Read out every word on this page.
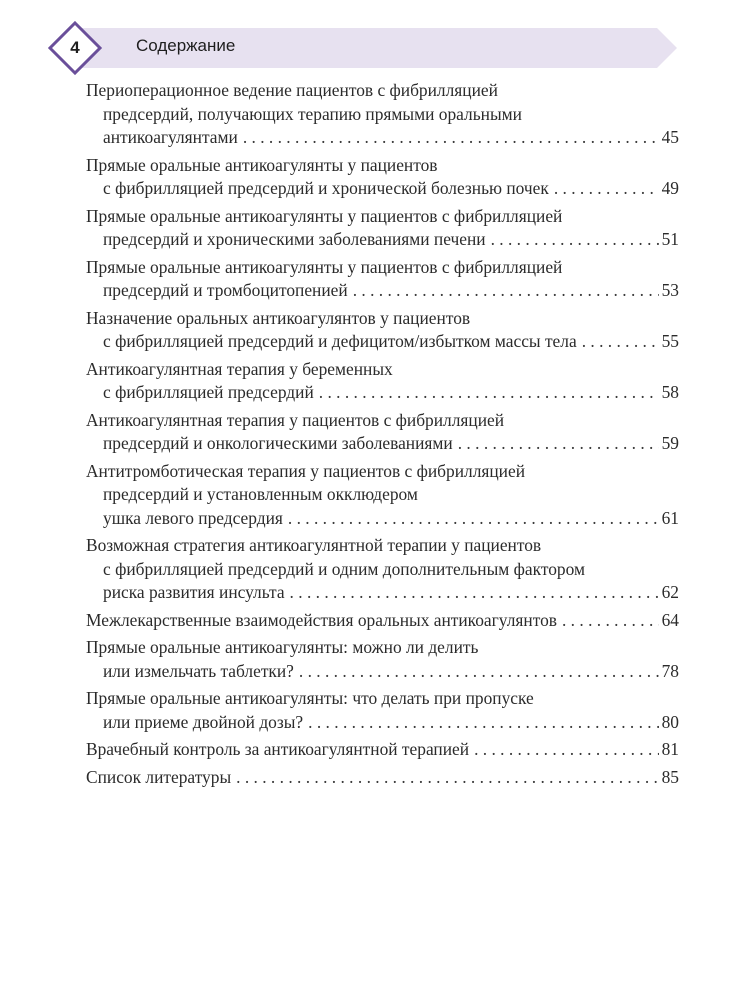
Содержание
4
Периоперационное ведение пациентов с фибрилляцией
предсердий, получающих терапию прямыми оральными
антикоагулянтами . . .	45
Прямые оральные антикоагулянты у пациентов
с фибрилляцией предсердий и хронической болезнью почек . . .	49
Прямые оральные антикоагулянты у пациентов с фибрилляцией
предсердий и хроническими заболеваниями печени . . .	51
Прямые оральные антикоагулянты у пациентов с фибрилляцией
предсердий и тромбоцитопенией . . .	53
Назначение оральных антикоагулянтов у пациентов
с фибрилляцией предсердий и дефицитом/избытком массы тела . . .	55
Антикоагулянтная терапия у беременных
с фибрилляцией предсердий . . .	58
Антикоагулянтная терапия у пациентов с фибрилляцией
предсердий и онкологическими заболеваниями . . .	59
Антитромботическая терапия у пациентов с фибрилляцией
предсердий и установленным окклюдером
ушка левого предсердия . . .	61
Возможная стратегия антикоагулянтной терапии у пациентов
с фибрилляцией предсердий и одним дополнительным фактором
риска развития инсульта . . .	62
Межлекарственные взаимодействия оральных антикоагулянтов . . .	64
Прямые оральные антикоагулянты: можно ли делить
или измельчать таблетки? . . .	78
Прямые оральные антикоагулянты: что делать при пропуске
или приеме двойной дозы? . . .	80
Врачебный контроль за антикоагулянтной терапией . . .	81
Список литературы . . .	85
